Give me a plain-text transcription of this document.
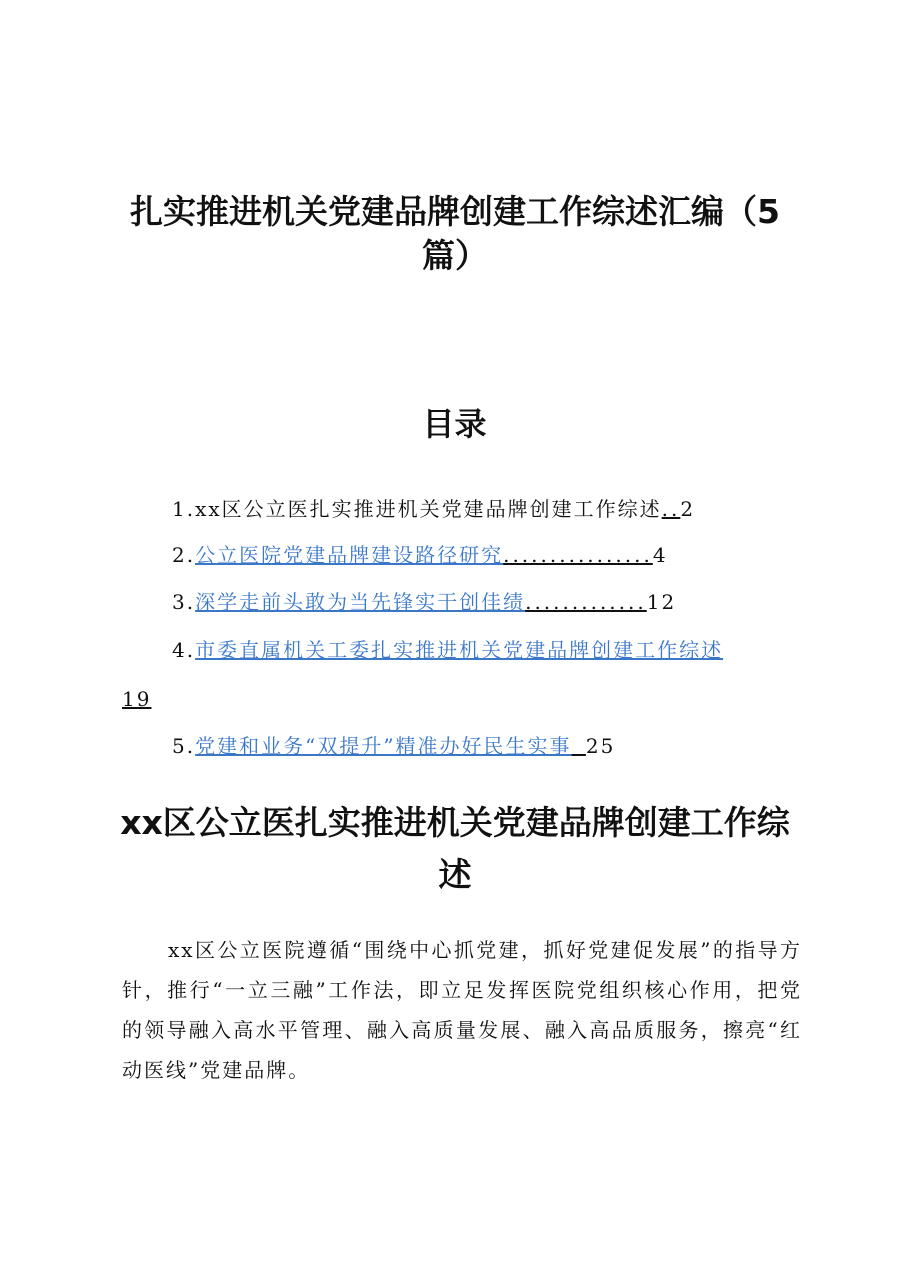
扎实推进机关党建品牌创建工作综述汇编（5篇）
目录
1.xx区公立医扎实推进机关党建品牌创建工作综述..2
2.公立医院党建品牌建设路径研究................4
3.深学走前头敢为当先锋实干创佳绩.............12
4.市委直属机关工委扎实推进机关党建品牌创建工作综述
19
5.党建和业务“双提升”精准办好民生实事 25
xx区公立医扎实推进机关党建品牌创建工作综述
xx区公立医院遵循“围绕中心抓党建，抓好党建促发展”的指导方针，推行“一立三融”工作法，即立足发挥医院党组织核心作用，把党的领导融入高水平管理、融入高质量发展、融入高品质服务，擦亮“红动医线”党建品牌。
